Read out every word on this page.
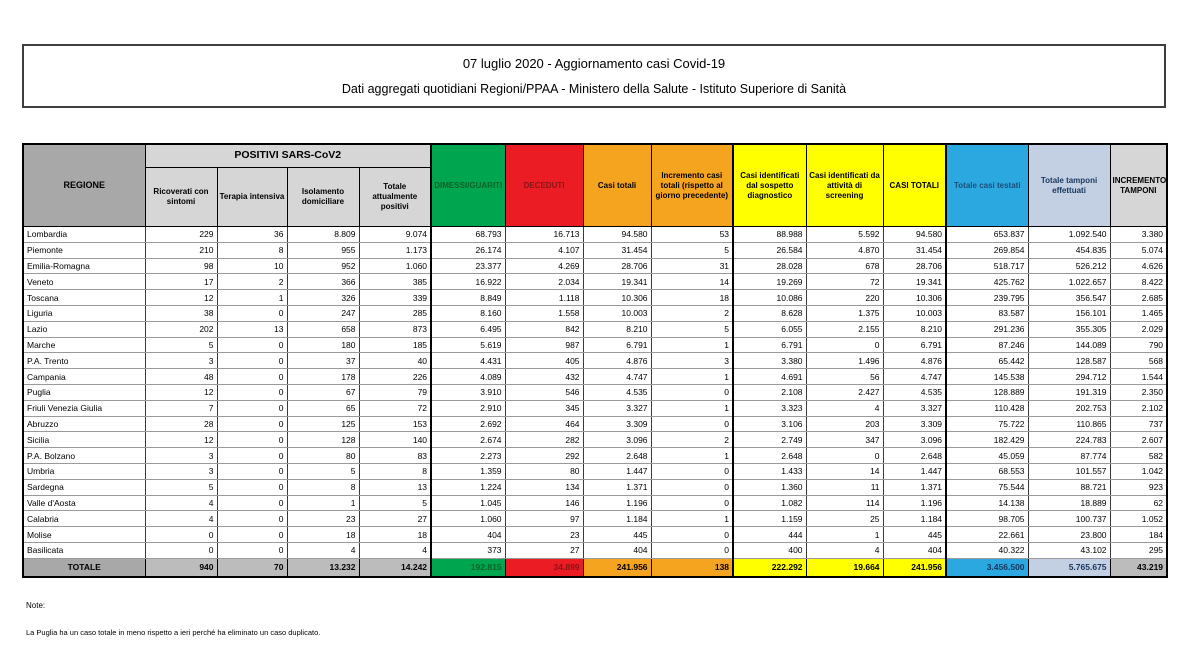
07 luglio 2020 - Aggiornamento casi Covid-19
Dati aggregati quotidiani Regioni/PPAA - Ministero della Salute - Istituto Superiore di Sanità
REGIONE	POSITIVI SARS-CoV2				DIMESSI/GUARITI	DECEDUTI	Casi totali	Incremento casi totali (rispetto al giorno precedente)	Casi identificati dal sospetto diagnostico	Casi identificati da attività di screening	CASI TOTALI	Totale casi testati	Totale tamponi effettuati	INCREMENTO TAMPONI
	Ricoverati con sintomi	Terapia intensiva	Isolamento domiciliare	Totale attualmente positivi										
Lombardia	229	36	8.809	9.074	68.793	16.713	94.580	53	88.988	5.592	94.580	653.837	1.092.540	3.380
Piemonte	210	8	955	1.173	26.174	4.107	31.454	5	26.584	4.870	31.454	269.854	454.835	5.074
Emilia-Romagna	98	10	952	1.060	23.377	4.269	28.706	31	28.028	678	28.706	518.717	526.212	4.626
Veneto	17	2	366	385	16.922	2.034	19.341	14	19.269	72	19.341	425.762	1.022.657	8.422
Toscana	12	1	326	339	8.849	1.118	10.306	18	10.086	220	10.306	239.795	356.547	2.685
Liguria	38	0	247	285	8.160	1.558	10.003	2	8.628	1.375	10.003	83.587	156.101	1.465
Lazio	202	13	658	873	6.495	842	8.210	5	6.055	2.155	8.210	291.236	355.305	2.029
Marche	5	0	180	185	5.619	987	6.791	1	6.791	0	6.791	87.246	144.089	790
P.A. Trento	3	0	37	40	4.431	405	4.876	3	3.380	1.496	4.876	65.442	128.587	568
Campania	48	0	178	226	4.089	432	4.747	1	4.691	56	4.747	145.538	294.712	1.544
Puglia	12	0	67	79	3.910	546	4.535	0	2.108	2.427	4.535	128.889	191.319	2.350
Friuli Venezia Giulia	7	0	65	72	2.910	345	3.327	1	3.323	4	3.327	110.428	202.753	2.102
Abruzzo	28	0	125	153	2.692	464	3.309	0	3.106	203	3.309	75.722	110.865	737
Sicilia	12	0	128	140	2.674	282	3.096	2	2.749	347	3.096	182.429	224.783	2.607
P.A. Bolzano	3	0	80	83	2.273	292	2.648	1	2.648	0	2.648	45.059	87.774	582
Umbria	3	0	5	8	1.359	80	1.447	0	1.433	14	1.447	68.553	101.557	1.042
Sardegna	5	0	8	13	1.224	134	1.371	0	1.360	11	1.371	75.544	88.721	923
Valle d'Aosta	4	0	1	5	1.045	146	1.196	0	1.082	114	1.196	14.138	18.889	62
Calabria	4	0	23	27	1.060	97	1.184	1	1.159	25	1.184	98.705	100.737	1.052
Molise	0	0	18	18	404	23	445	0	444	1	445	22.661	23.800	184
Basilicata	0	0	4	4	373	27	404	0	400	4	404	40.322	43.102	295
TOTALE	940	70	13.232	14.242	192.815	34.899	241.956	138	222.292	19.664	241.956	3.456.500	5.765.675	43.219
Note:
La Puglia ha un caso totale in meno rispetto a ieri perché ha eliminato un caso duplicato.
